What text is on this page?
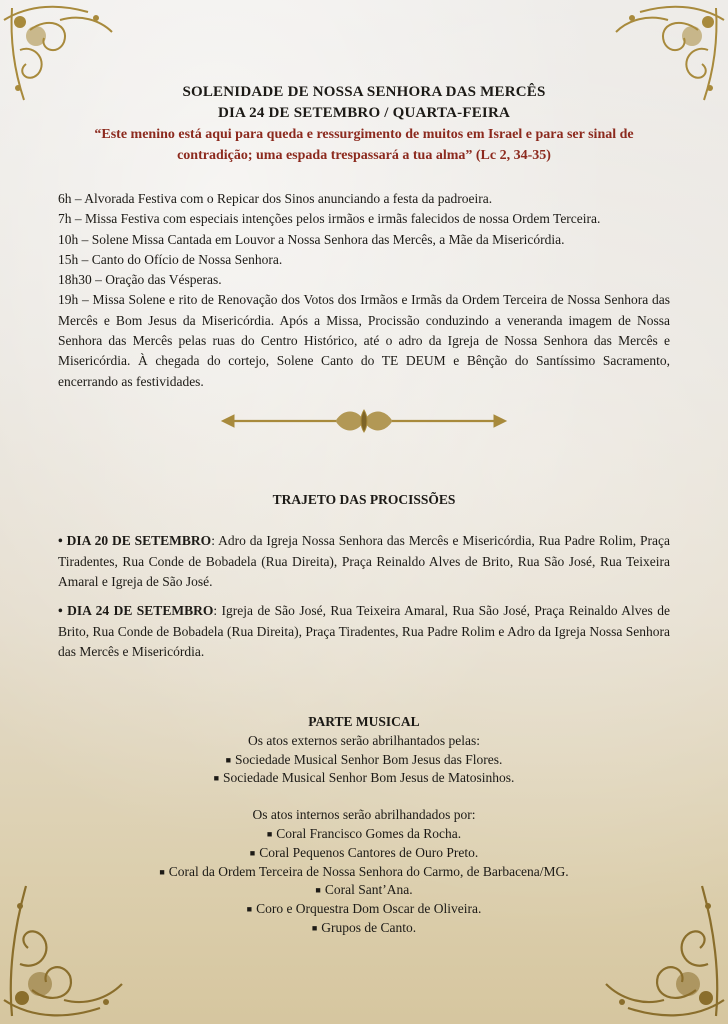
SOLENIDADE DE NOSSA SENHORA DAS MERCÊS
DIA 24 DE SETEMBRO / QUARTA-FEIRA
“Este menino está aqui para queda e ressurgimento de muitos em Israel e para ser sinal de
contradição; uma espada trespassará a tua alma” (Lc 2, 34-35)

6h – Alvorada Festiva com o Repicar dos Sinos anunciando a festa da padroeira.

7h – Missa Festiva com especiais intenções pelos irmãos e irmãs falecidos de nossa Ordem Terceira.

10h – Solene Missa Cantada em Louvor a Nossa Senhora das Mercês, a Mãe da Misericórdia.

15h – Canto do Ofício de Nossa Senhora.

18h30 – Oração das Vésperas.

19h – Missa Solene e rito de Renovação dos Votos dos Irmãos e Irmãs da Ordem Terceira de Nossa Senhora das Mercês e Bom Jesus da Misericórdia. Após a Missa, Procissão conduzindo a veneranda imagem de Nossa Senhora das Mercês pelas ruas do Centro Histórico, até o adro da Igreja de Nossa Senhora das Mercês e Misericórdia. À chegada do cortejo, Solene Canto do TE DEUM e Bênção do Santíssimo Sacramento, encerrando as festividades.

TRAJETO DAS PROCISSÕES
• DIA 20 DE SETEMBRO: Adro da Igreja Nossa Senhora das Mercês e Misericórdia, Rua Padre Rolim, Praça Tiradentes, Rua Conde de Bobadela (Rua Direita), Praça Reinaldo Alves de Brito, Rua São José, Rua Teixeira Amaral e Igreja de São José.
• DIA 24 DE SETEMBRO: Igreja de São José, Rua Teixeira Amaral, Rua São José, Praça Reinaldo Alves de Brito, Rua Conde de Bobadela (Rua Direita), Praça Tiradentes, Rua Padre Rolim e Adro da Igreja Nossa Senhora das Mercês e Misericórdia.
PARTE MUSICAL
Os atos externos serão abrilhantados pelas:
■ Sociedade Musical Senhor Bom Jesus das Flores.
■ Sociedade Musical Senhor Bom Jesus de Matosinhos.
Os atos internos serão abrilhandados por:
■ Coral Francisco Gomes da Rocha.
■ Coral Pequenos Cantores de Ouro Preto.
■ Coral da Ordem Terceira de Nossa Senhora do Carmo, de Barbacena/MG.
■ Coral Sant’Ana.
■ Coro e Orquestra Dom Oscar de Oliveira.
■ Grupos de Canto.
